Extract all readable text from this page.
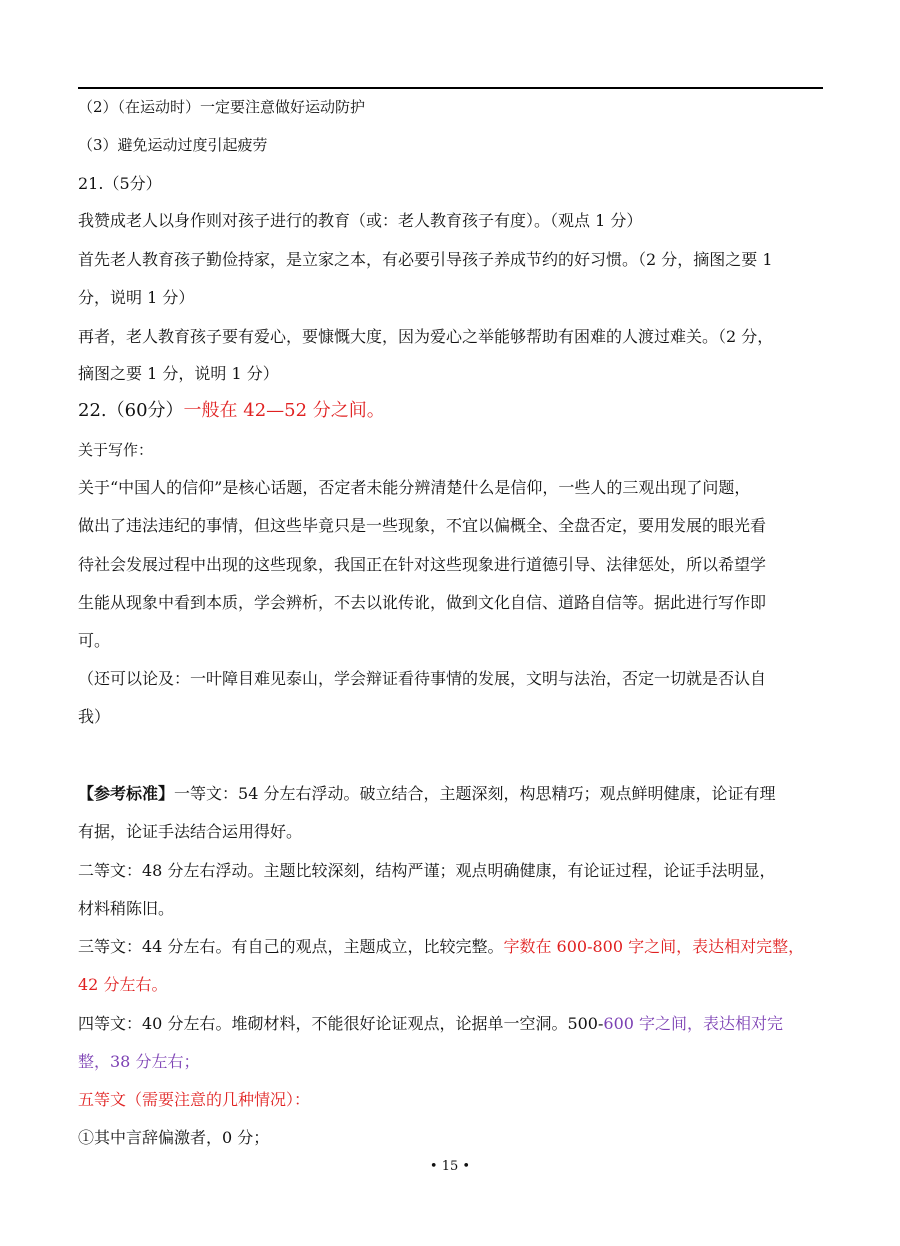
（2）（在运动时）一定要注意做好运动防护
（3）避免运动过度引起疲劳
21.（5分）
我赞成老人以身作则对孩子进行的教育（或：老人教育孩子有度）。（观点 1 分）
首先老人教育孩子勤俭持家，是立家之本，有必要引导孩子养成节约的好习惯。（2 分，摘图之要 1
分，说明 1 分）
再者，老人教育孩子要有爱心，要慷慨大度，因为爱心之举能够帮助有困难的人渡过难关。（2 分，
摘图之要 1 分，说明 1 分）
22.（60分）一般在 42—52 分之间。
关于写作：
关于“中国人的信仰”是核心话题，否定者未能分辨清楚什么是信仰，一些人的三观出现了问题，
做出了违法违纪的事情，但这些毕竟只是一些现象，不宜以偏概全、全盘否定，要用发展的眼光看
待社会发展过程中出现的这些现象，我国正在针对这些现象进行道德引导、法律惩处，所以希望学
生能从现象中看到本质，学会辨析，不去以讹传讹，做到文化自信、道路自信等。据此进行写作即
可。
（还可以论及：一叶障目难见泰山，学会辩证看待事情的发展，文明与法治，否定一切就是否认自
我）
【参考标准】一等文：54 分左右浮动。破立结合，主题深刻，构思精巧；观点鲜明健康，论证有理
有据，论证手法结合运用得好。
二等文：48 分左右浮动。主题比较深刻，结构严谨；观点明确健康，有论证过程，论证手法明显，
材料稍陈旧。
三等文：44 分左右。有自己的观点，主题成立，比较完整。字数在 600-800 字之间，表达相对完整，
42 分左右。
四等文：40 分左右。堆砌材料，不能很好论证观点，论据单一空洞。500-600 字之间，表达相对完
整，38 分左右；
五等文（需要注意的几种情况）：
①其中言辞偏激者，0 分；
• 15 •
